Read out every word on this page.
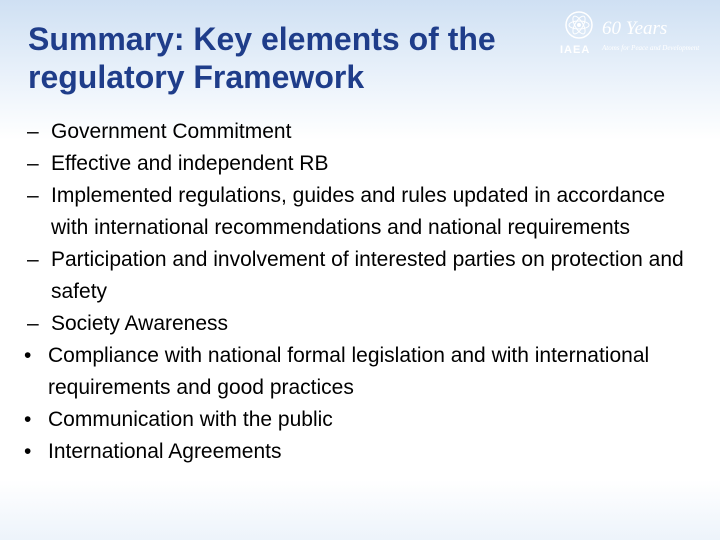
Summary: Key elements of the regulatory Framework
IAEA
60 Years
Atoms for Peace and Development
– Government Commitment
– Effective and independent RB
– Implemented regulations, guides and rules updated in accordance with international recommendations and national requirements
– Participation and involvement of interested parties on protection and safety
– Society Awareness
• Compliance with national formal legislation and with international requirements and good practices
• Communication with the public
• International Agreements
